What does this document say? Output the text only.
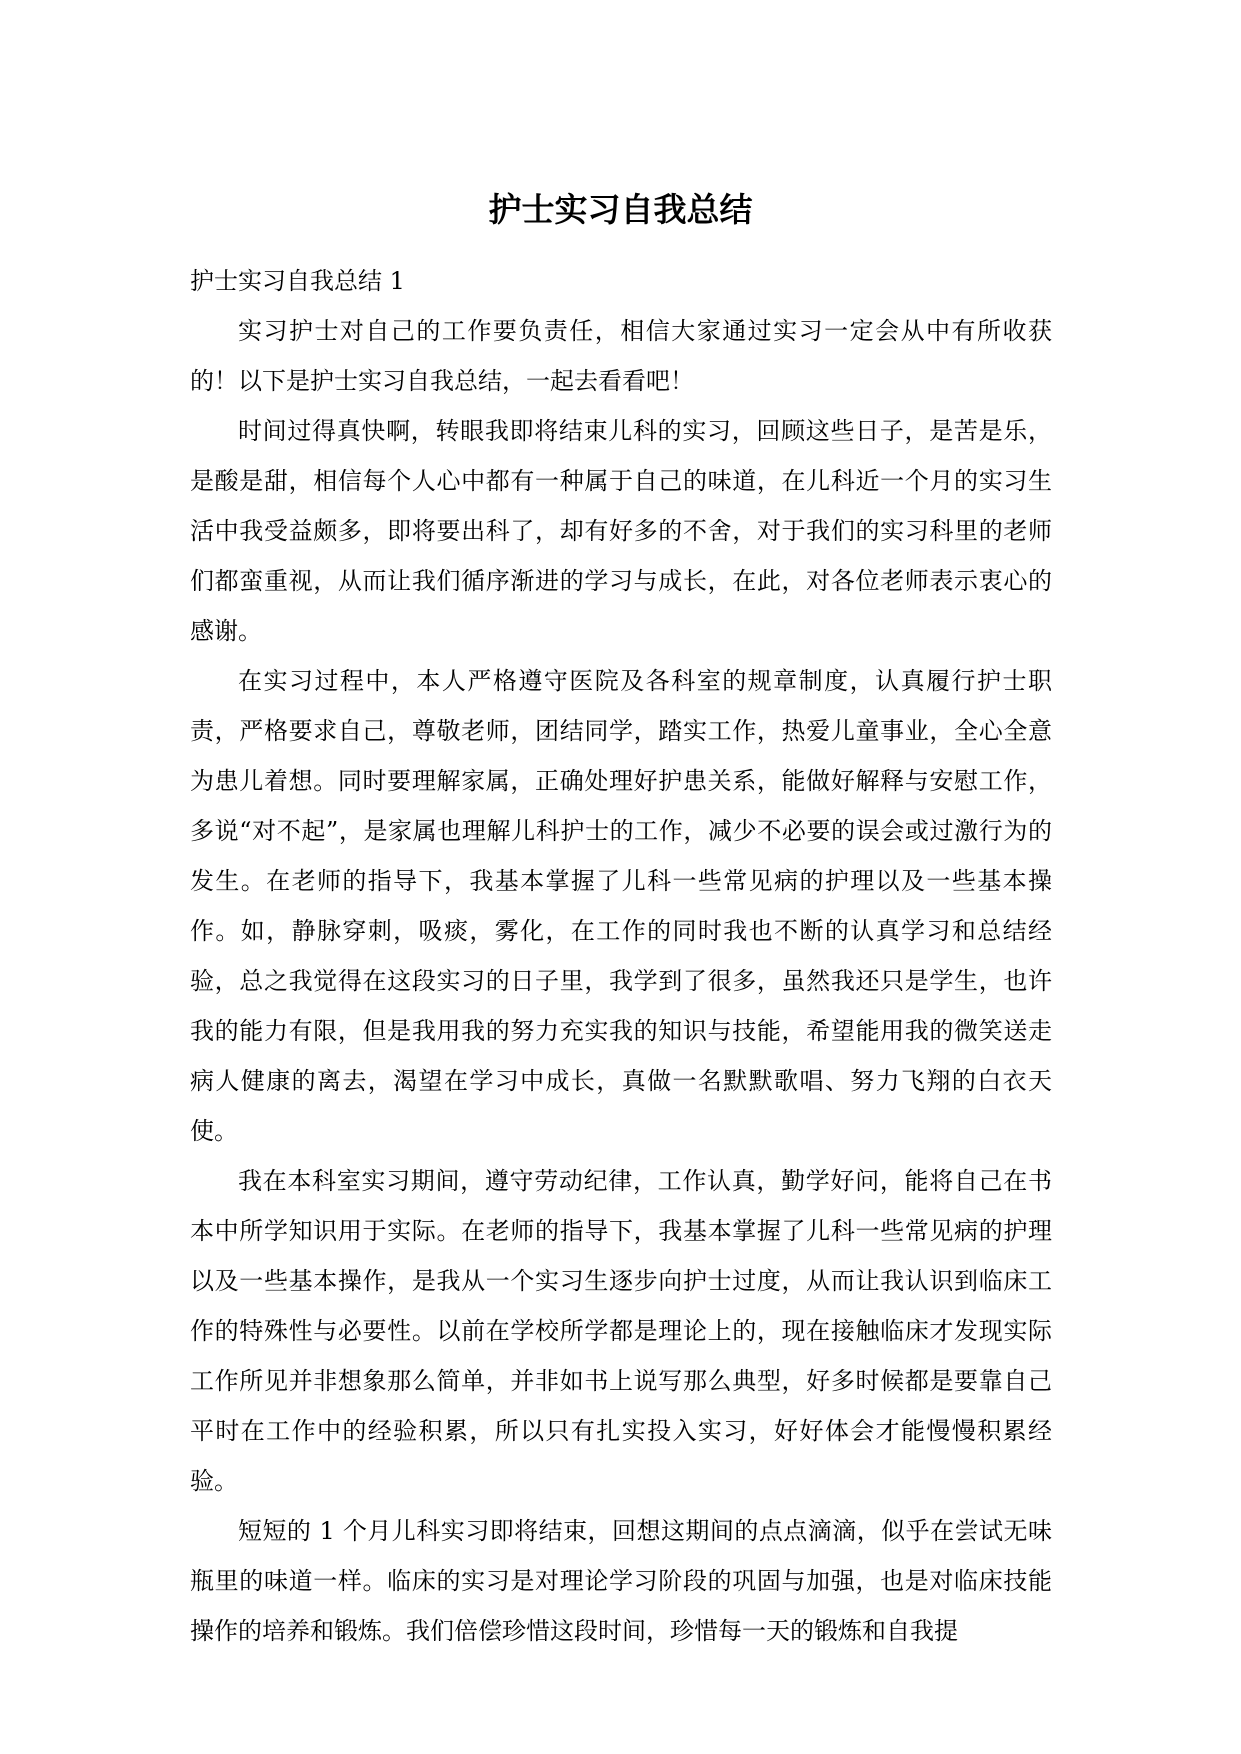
护士实习自我总结

护士实习自我总结 1

实习护士对自己的工作要负责任，相信大家通过实习一定会从中有所收获的！以下是护士实习自我总结，一起去看看吧！

时间过得真快啊，转眼我即将结束儿科的实习，回顾这些日子，是苦是乐，是酸是甜，相信每个人心中都有一种属于自己的味道，在儿科近一个月的实习生活中我受益颇多，即将要出科了，却有好多的不舍，对于我们的实习科里的老师们都蛮重视，从而让我们循序渐进的学习与成长，在此，对各位老师表示衷心的感谢。

在实习过程中，本人严格遵守医院及各科室的规章制度，认真履行护士职责，严格要求自己，尊敬老师，团结同学，踏实工作，热爱儿童事业，全心全意为患儿着想。同时要理解家属，正确处理好护患关系，能做好解释与安慰工作，多说“对不起”，是家属也理解儿科护士的工作，减少不必要的误会或过激行为的发生。在老师的指导下，我基本掌握了儿科一些常见病的护理以及一些基本操作。如，静脉穿刺，吸痰，雾化，在工作的同时我也不断的认真学习和总结经验，总之我觉得在这段实习的日子里，我学到了很多，虽然我还只是学生，也许我的能力有限，但是我用我的努力充实我的知识与技能，希望能用我的微笑送走病人健康的离去，渴望在学习中成长，真做一名默默歌唱、努力飞翔的白衣天使。

我在本科室实习期间，遵守劳动纪律，工作认真，勤学好问，能将自己在书本中所学知识用于实际。在老师的指导下，我基本掌握了儿科一些常见病的护理以及一些基本操作，是我从一个实习生逐步向护士过度，从而让我认识到临床工作的特殊性与必要性。以前在学校所学都是理论上的，现在接触临床才发现实际工作所见并非想象那么简单，并非如书上说写那么典型，好多时候都是要靠自己平时在工作中的经验积累，所以只有扎实投入实习，好好体会才能慢慢积累经验。

短短的 1 个月儿科实习即将结束，回想这期间的点点滴滴，似乎在尝试无味瓶里的味道一样。临床的实习是对理论学习阶段的巩固与加强，也是对临床技能操作的培养和锻炼。我们倍偿珍惜这段时间，珍惜每一天的锻炼和自我提
